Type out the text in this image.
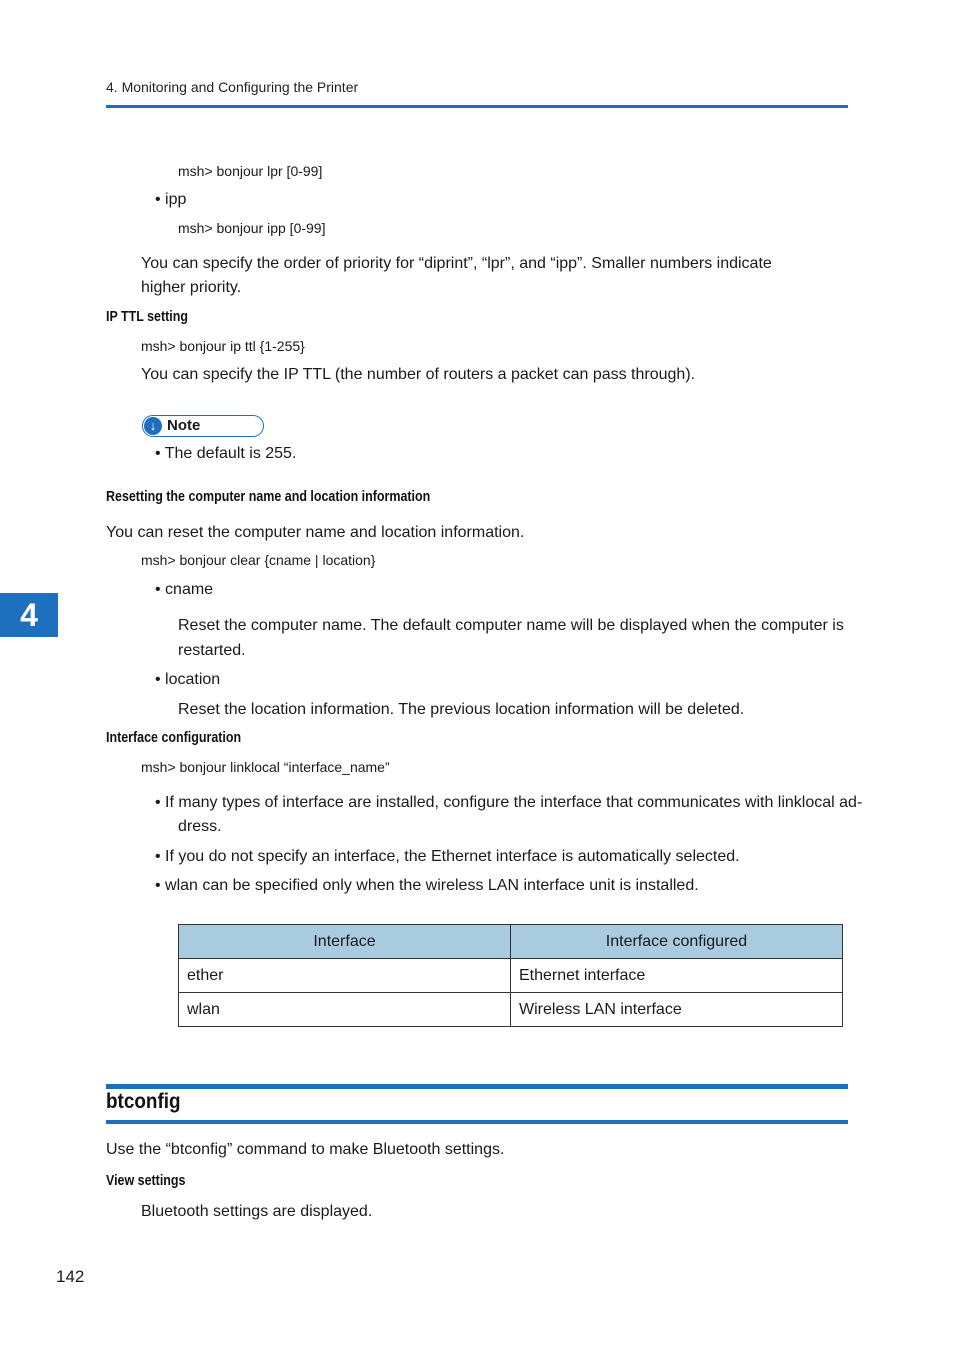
4. Monitoring and Configuring the Printer
msh> bonjour lpr [0-99]
• ipp
msh> bonjour ipp [0-99]
You can specify the order of priority for “diprint”, “lpr”, and “ipp”. Smaller numbers indicate
higher priority.
IP TTL setting
msh> bonjour ip ttl {1-255}
You can specify the IP TTL (the number of routers a packet can pass through).
↓ Note
• The default is 255.
Resetting the computer name and location information
You can reset the computer name and location information.
msh> bonjour clear {cname | location}
• cname
Reset the computer name. The default computer name will be displayed when the computer is
restarted.
• location
Reset the location information. The previous location information will be deleted.
4
Interface configuration
msh> bonjour linklocal “interface_name”
• If many types of interface are installed, configure the interface that communicates with linklocal ad-
dress.
• If you do not specify an interface, the Ethernet interface is automatically selected.
• wlan can be specified only when the wireless LAN interface unit is installed.
Interface	Interface configured
ether	Ethernet interface
wlan	Wireless LAN interface
btconfig
Use the “btconfig” command to make Bluetooth settings.
View settings
Bluetooth settings are displayed.
142
